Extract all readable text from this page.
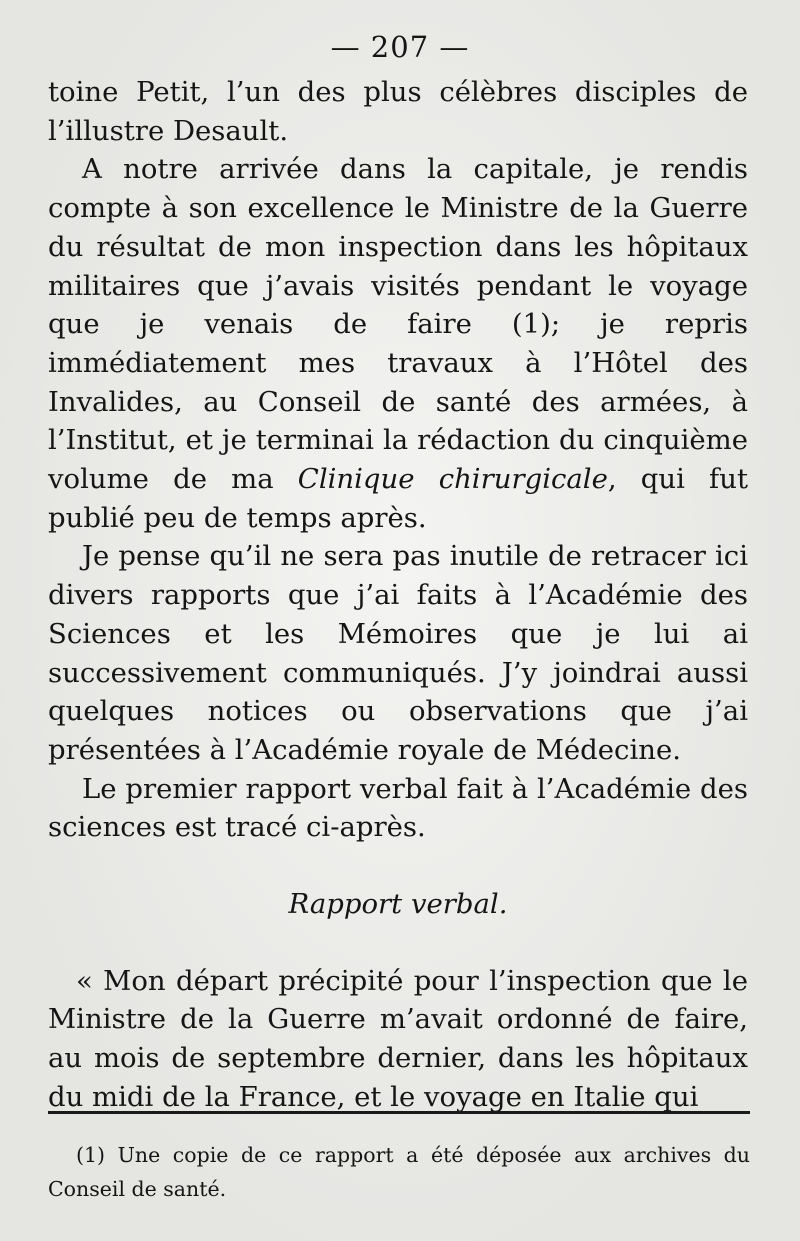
— 207 —

toine Petit, l’un des plus célèbres disciples de l’illustre Desault.

A notre arrivée dans la capitale, je rendis compte à son excellence le Ministre de la Guerre du résultat de mon inspection dans les hôpitaux militaires que j’avais visités pendant le voyage que je venais de faire (1); je repris immédiatement mes travaux à l’Hôtel des Invalides, au Conseil de santé des armées, à l’Institut, et je terminai la rédaction du cinquième volume de ma Clinique chirurgicale, qui fut publié peu de temps après.

Je pense qu’il ne sera pas inutile de retracer ici divers rapports que j’ai faits à l’Académie des Sciences et les Mémoires que je lui ai successivement communiqués. J’y joindrai aussi quelques notices ou observations que j’ai présentées à l’Académie royale de Médecine.

Le premier rapport verbal fait à l’Académie des sciences est tracé ci-après.

Rapport verbal.

« Mon départ précipité pour l’inspection que le Ministre de la Guerre m’avait ordonné de faire, au mois de septembre dernier, dans les hôpitaux du midi de la France, et le voyage en Italie qui

(1) Une copie de ce rapport a été déposée aux archives du Conseil de santé.
